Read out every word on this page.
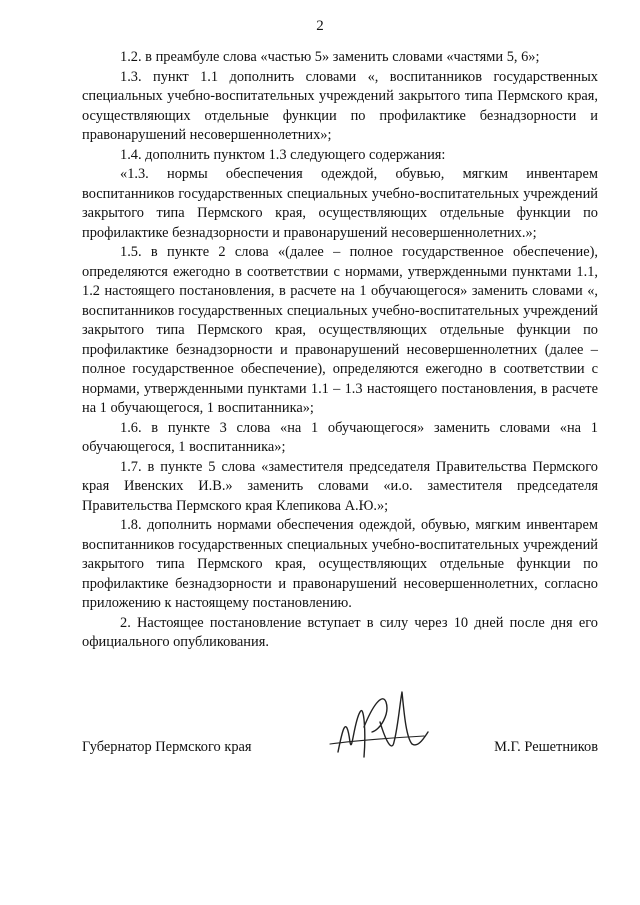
2

1.2. в преамбуле слова «частью 5» заменить словами «частями 5, 6»;

1.3. пункт 1.1 дополнить словами «, воспитанников государственных специальных учебно-воспитательных учреждений закрытого типа Пермского края, осуществляющих отдельные функции по профилактике безнадзорности и правонарушений несовершеннолетних»;

1.4. дополнить пунктом 1.3 следующего содержания:

«1.3. нормы обеспечения одеждой, обувью, мягким инвентарем воспитанников государственных специальных учебно-воспитательных учреждений закрытого типа Пермского края, осуществляющих отдельные функции по профилактике безнадзорности и правонарушений несовершеннолетних.»;

1.5. в пункте 2 слова «(далее – полное государственное обеспечение), определяются ежегодно в соответствии с нормами, утвержденными пунктами 1.1, 1.2 настоящего постановления, в расчете на 1 обучающегося» заменить словами «, воспитанников государственных специальных учебно-воспитательных учреждений закрытого типа Пермского края, осуществляющих отдельные функции по профилактике безнадзорности и правонарушений несовершеннолетних (далее – полное государственное обеспечение), определяются ежегодно в соответствии с нормами, утвержденными пунктами 1.1 – 1.3 настоящего постановления, в расчете на 1 обучающегося, 1 воспитанника»;

1.6. в пункте 3 слова «на 1 обучающегося» заменить словами «на 1 обучающегося, 1 воспитанника»;

1.7. в пункте 5 слова «заместителя председателя Правительства Пермского края Ивенских И.В.» заменить словами «и.о. заместителя председателя Правительства Пермского края Клепикова А.Ю.»;

1.8. дополнить нормами обеспечения одеждой, обувью, мягким инвентарем воспитанников государственных специальных учебно-воспитательных учреждений закрытого типа Пермского края, осуществляющих отдельные функции по профилактике безнадзорности и правонарушений несовершеннолетних, согласно приложению к настоящему постановлению.

2. Настоящее постановление вступает в силу через 10 дней после дня его официального опубликования.

Губернатор Пермского края	М.Г. Решетников
